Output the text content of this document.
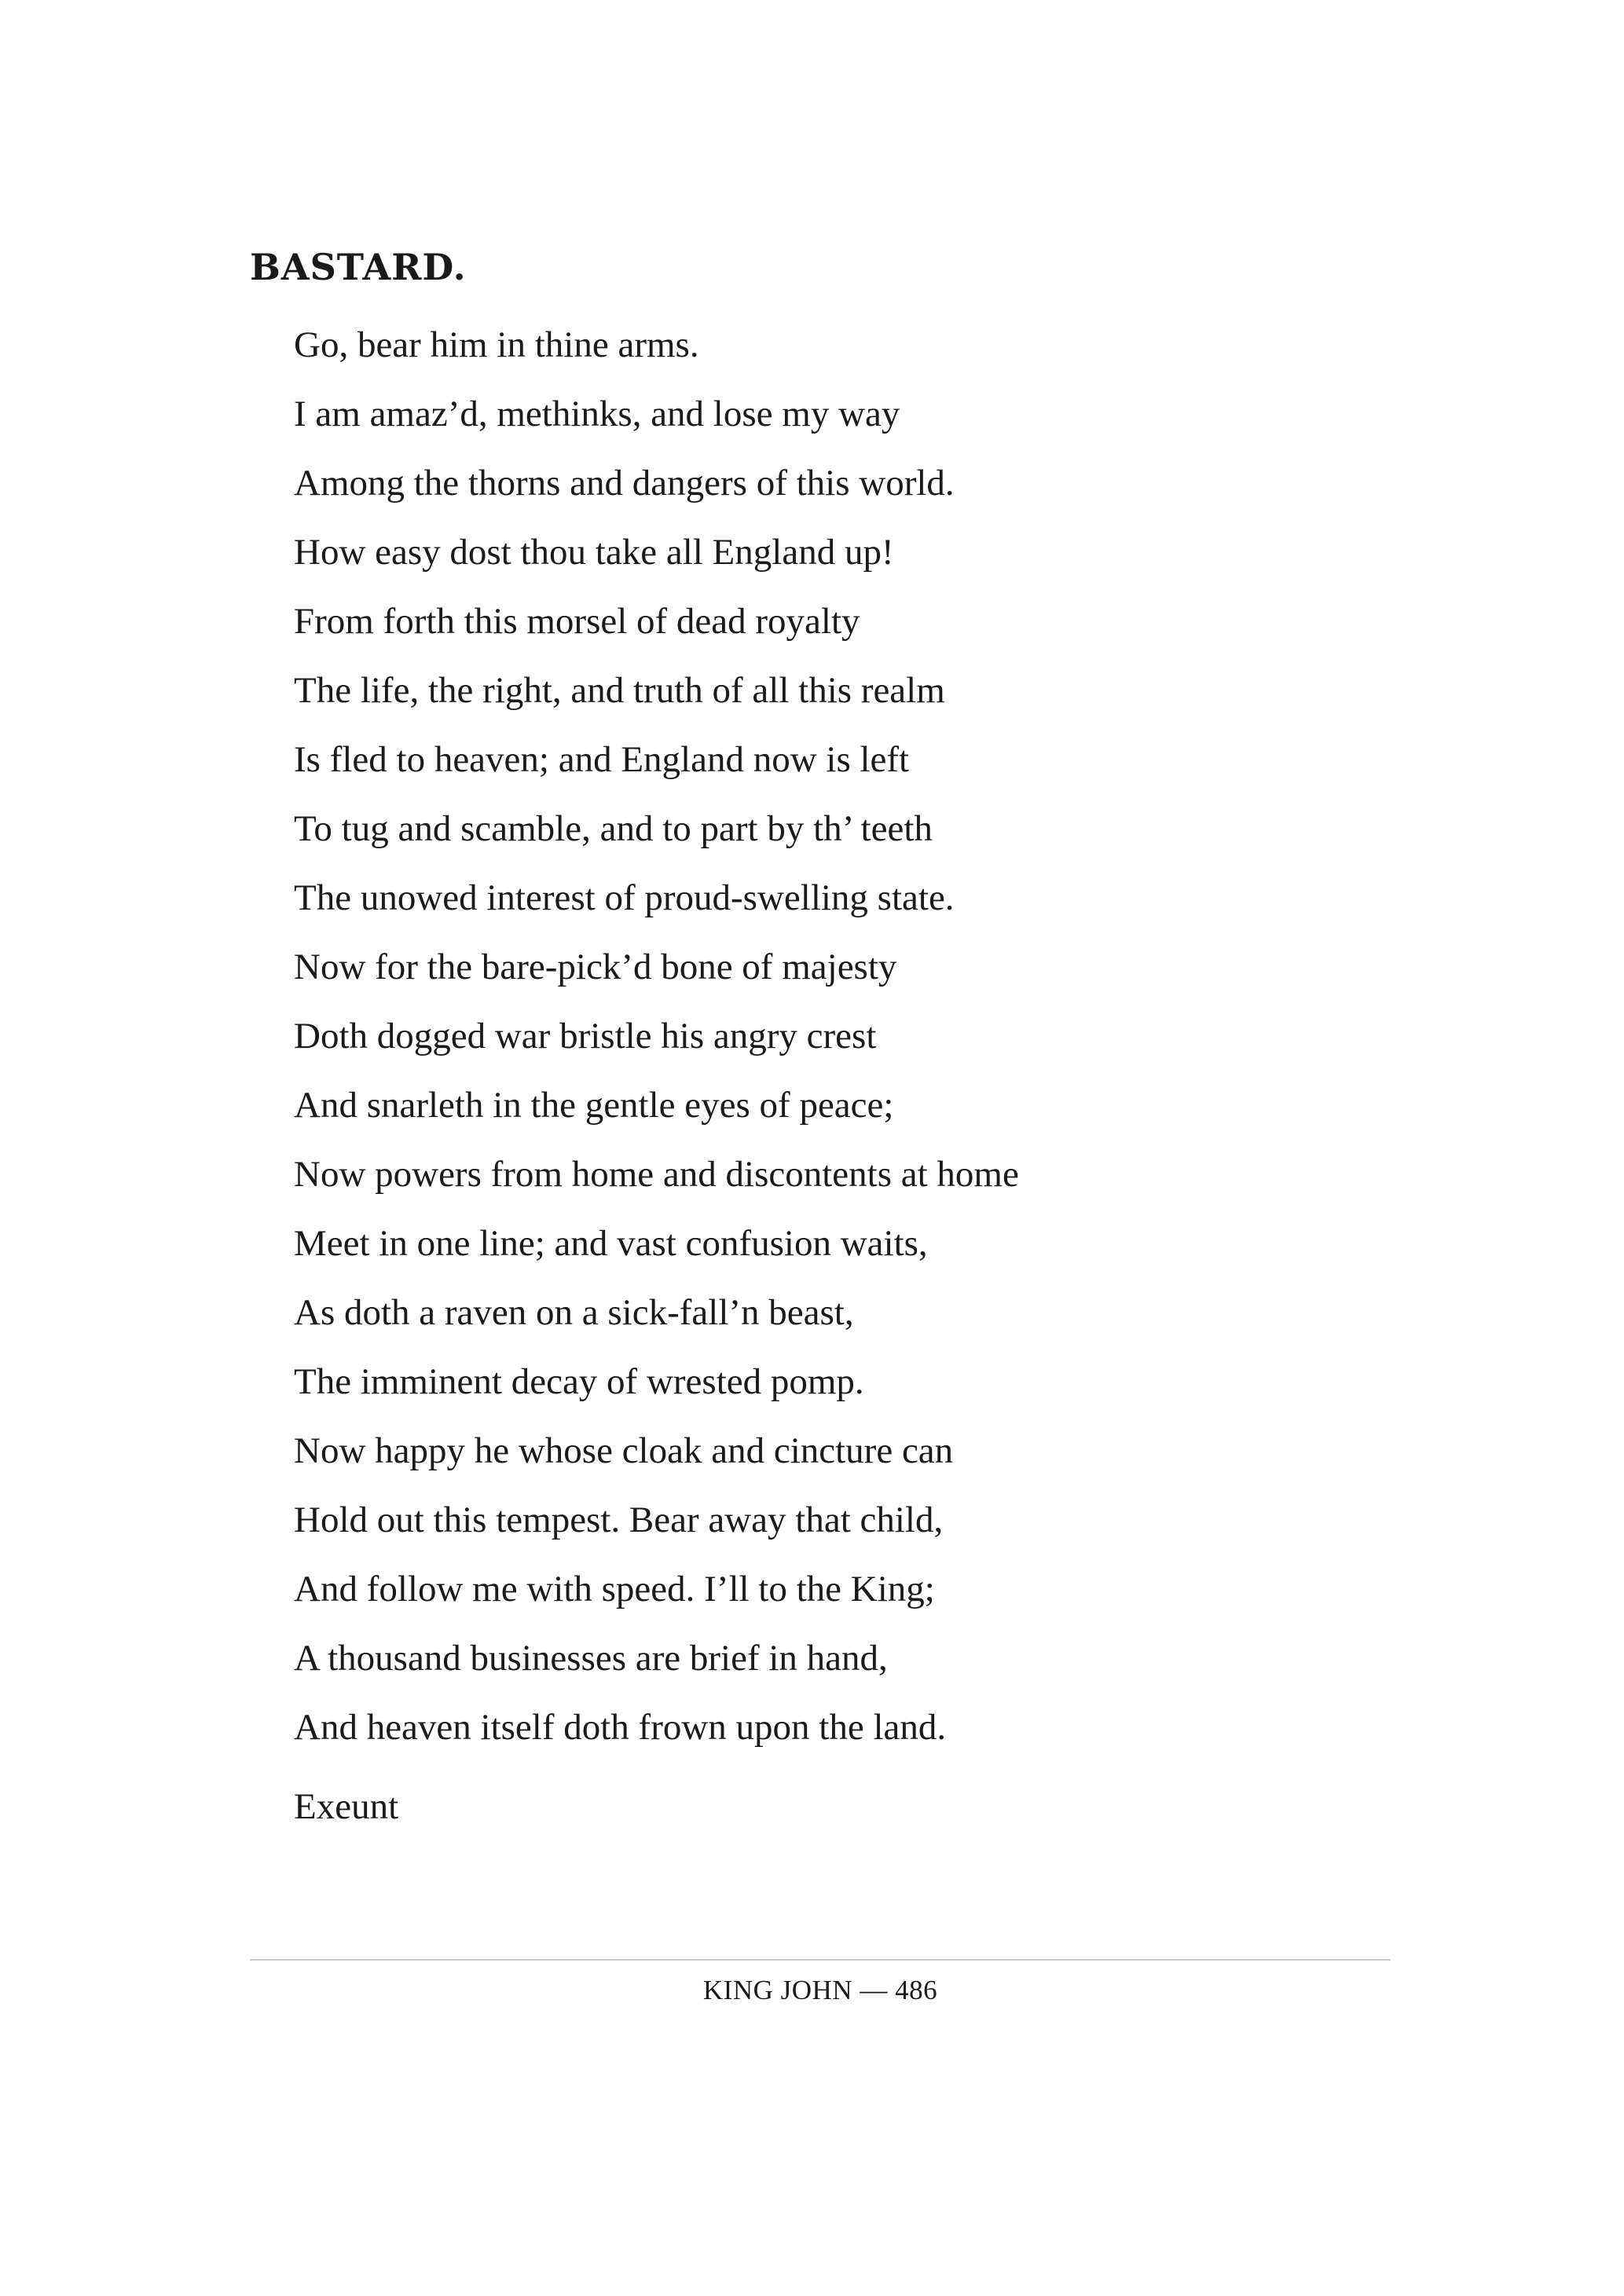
BASTARD.
Go, bear him in thine arms.
I am amaz’d, methinks, and lose my way
Among the thorns and dangers of this world.
How easy dost thou take all England up!
From forth this morsel of dead royalty
The life, the right, and truth of all this realm
Is fled to heaven; and England now is left
To tug and scamble, and to part by th’ teeth
The unowed interest of proud-swelling state.
Now for the bare-pick’d bone of majesty
Doth dogged war bristle his angry crest
And snarleth in the gentle eyes of peace;
Now powers from home and discontents at home
Meet in one line; and vast confusion waits,
As doth a raven on a sick-fall’n beast,
The imminent decay of wrested pomp.
Now happy he whose cloak and cincture can
Hold out this tempest. Bear away that child,
And follow me with speed. I’ll to the King;
A thousand businesses are brief in hand,
And heaven itself doth frown upon the land.
Exeunt
KING JOHN — 486
